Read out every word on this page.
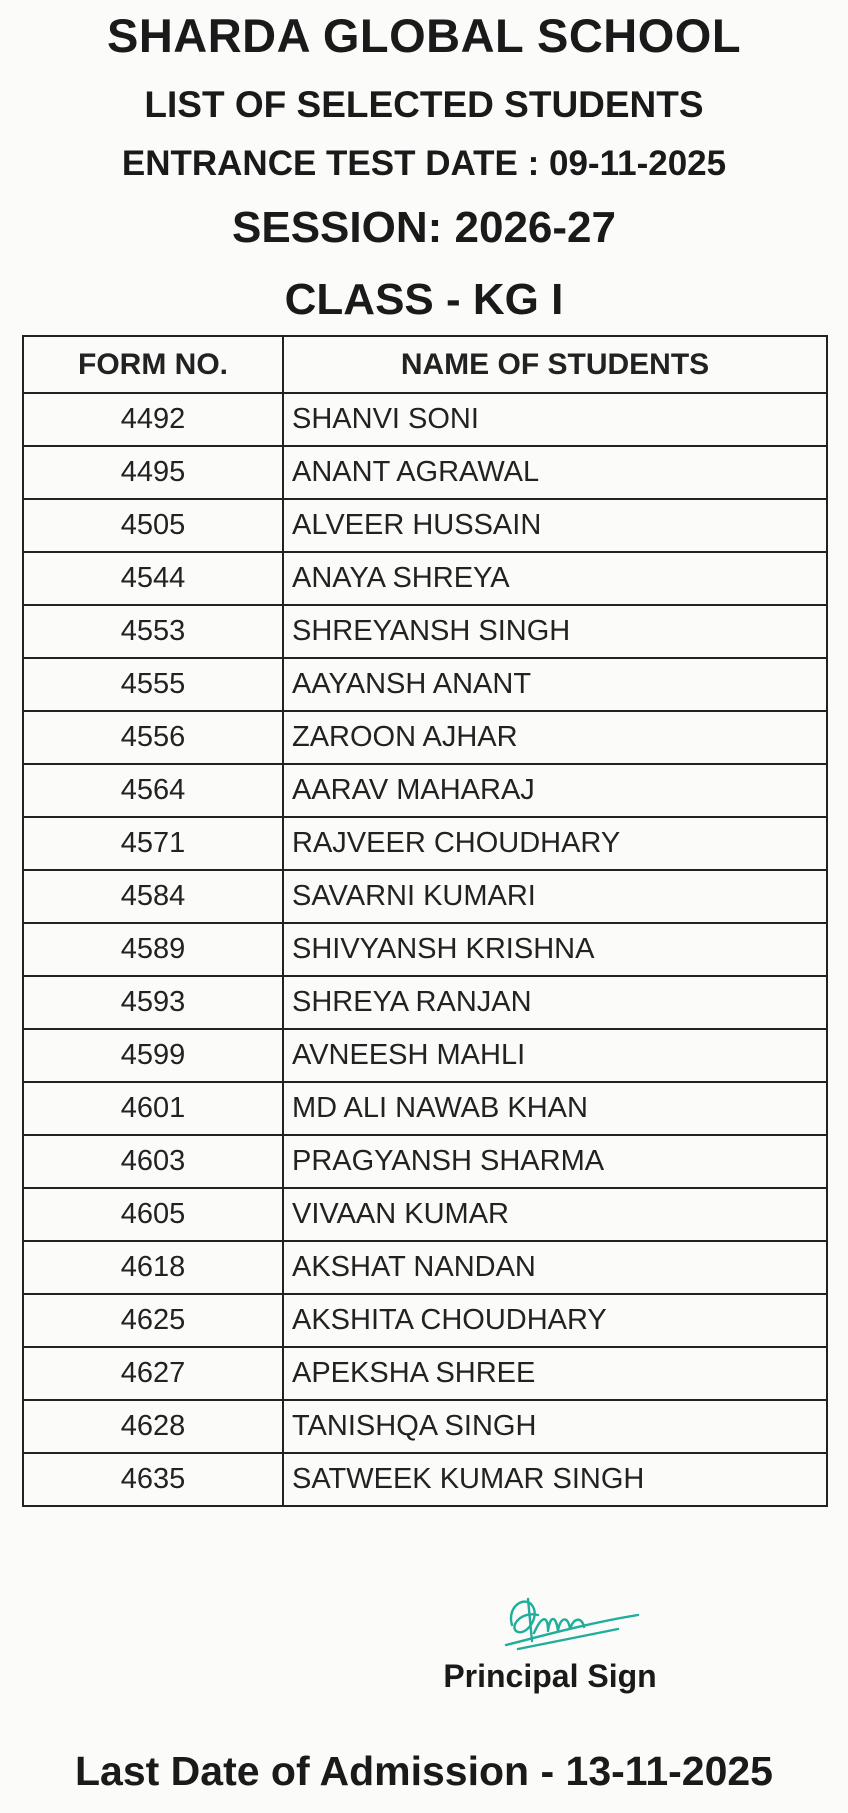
SHARDA GLOBAL SCHOOL
LIST OF SELECTED STUDENTS
ENTRANCE TEST DATE : 09-11-2025
SESSION: 2026-27
CLASS - KG I
FORM NO.	NAME OF STUDENTS
4492	SHANVI SONI
4495	ANANT AGRAWAL
4505	ALVEER HUSSAIN
4544	ANAYA SHREYA
4553	SHREYANSH SINGH
4555	AAYANSH ANANT
4556	ZAROON AJHAR
4564	AARAV MAHARAJ
4571	RAJVEER CHOUDHARY
4584	SAVARNI KUMARI
4589	SHIVYANSH KRISHNA
4593	SHREYA RANJAN
4599	AVNEESH MAHLI
4601	MD ALI NAWAB KHAN
4603	PRAGYANSH SHARMA
4605	VIVAAN KUMAR
4618	AKSHAT NANDAN
4625	AKSHITA CHOUDHARY
4627	APEKSHA SHREE
4628	TANISHQA SINGH
4635	SATWEEK KUMAR SINGH
Principal Sign
Last Date of Admission - 13-11-2025
